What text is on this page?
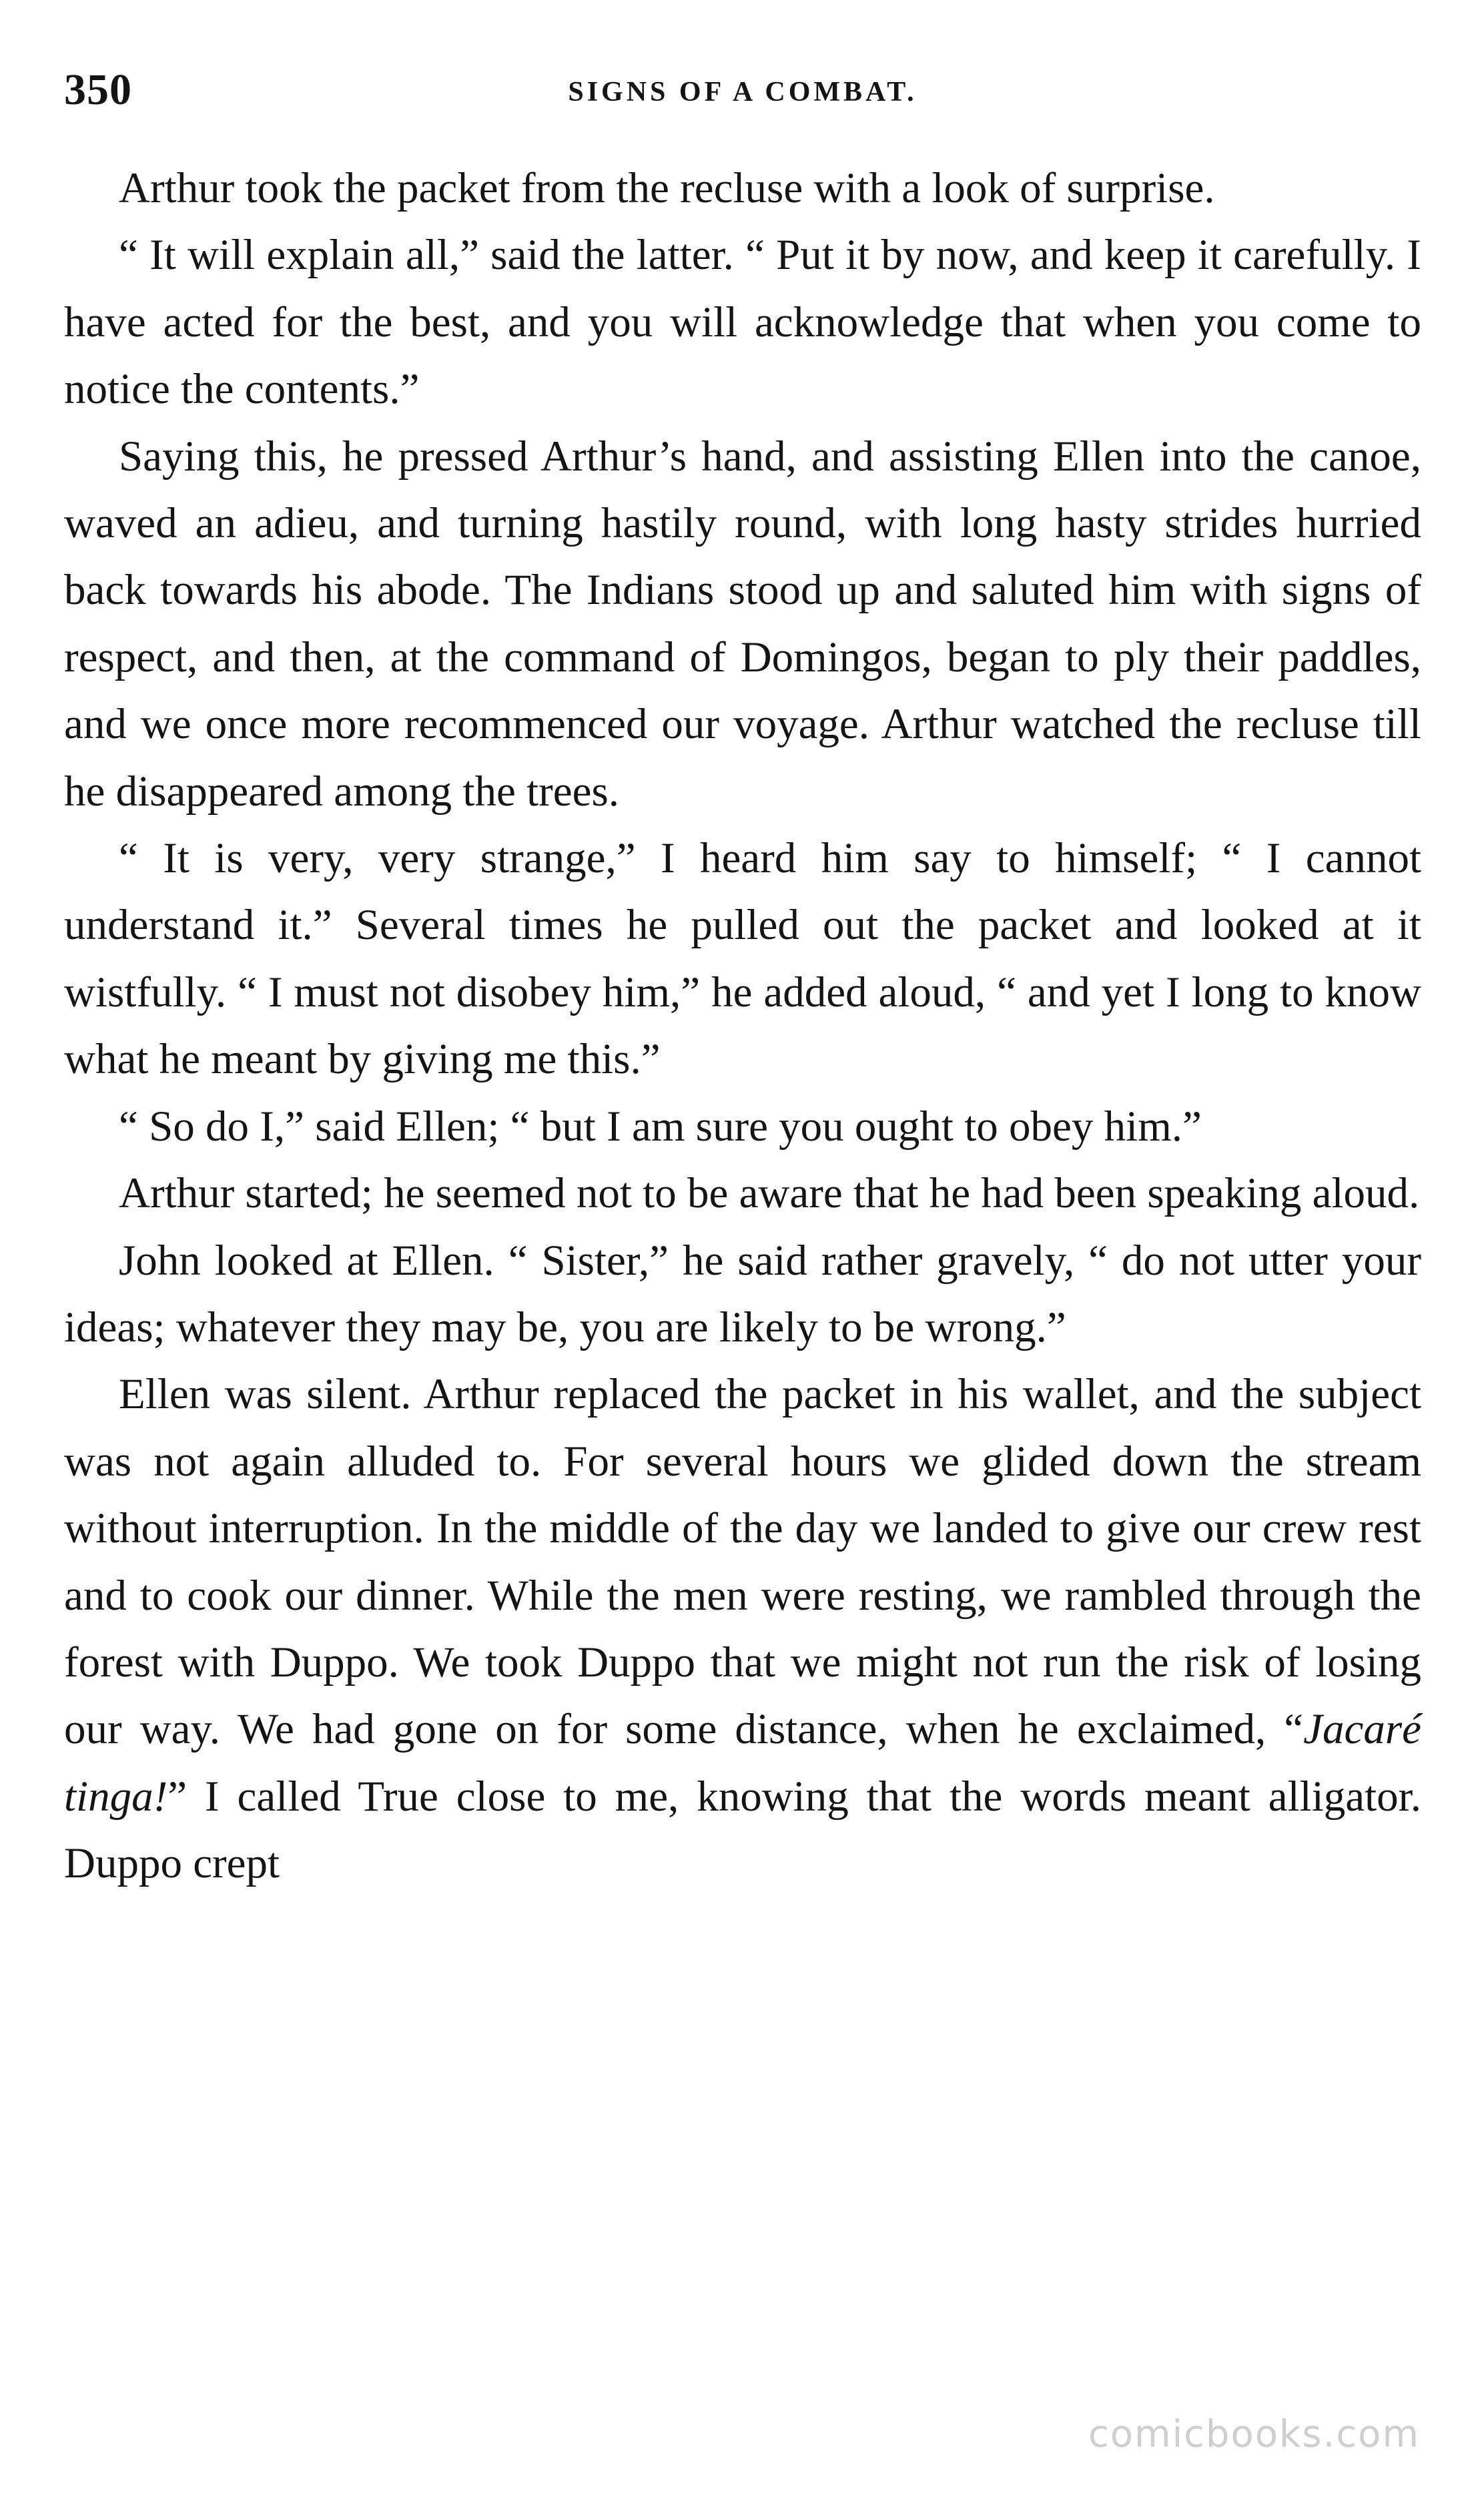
350	SIGNS OF A COMBAT.

Arthur took the packet from the recluse with a look of surprise.

“ It will explain all,” said the latter. “ Put it by now, and keep it carefully. I have acted for the best, and you will acknowledge that when you come to notice the contents.”

Saying this, he pressed Arthur’s hand, and assisting Ellen into the canoe, waved an adieu, and turning hastily round, with long hasty strides hurried back towards his abode. The Indians stood up and saluted him with signs of respect, and then, at the command of Domingos, began to ply their paddles, and we once more recommenced our voyage. Arthur watched the recluse till he disappeared among the trees.

“ It is very, very strange,” I heard him say to himself; “ I cannot understand it.” Several times he pulled out the packet and looked at it wistfully. “ I must not disobey him,” he added aloud, “ and yet I long to know what he meant by giving me this.”

“ So do I,” said Ellen; “ but I am sure you ought to obey him.”

Arthur started; he seemed not to be aware that he had been speaking aloud.

John looked at Ellen. “ Sister,” he said rather gravely, “ do not utter your ideas; whatever they may be, you are likely to be wrong.”

Ellen was silent. Arthur replaced the packet in his wallet, and the subject was not again alluded to. For several hours we glided down the stream without interruption. In the middle of the day we landed to give our crew rest and to cook our dinner. While the men were resting, we rambled through the forest with Duppo. We took Duppo that we might not run the risk of losing our way. We had gone on for some distance, when he exclaimed, “Jacaré tinga!” I called True close to me, knowing that the words meant alligator. Duppo crept

comicbooks.com
